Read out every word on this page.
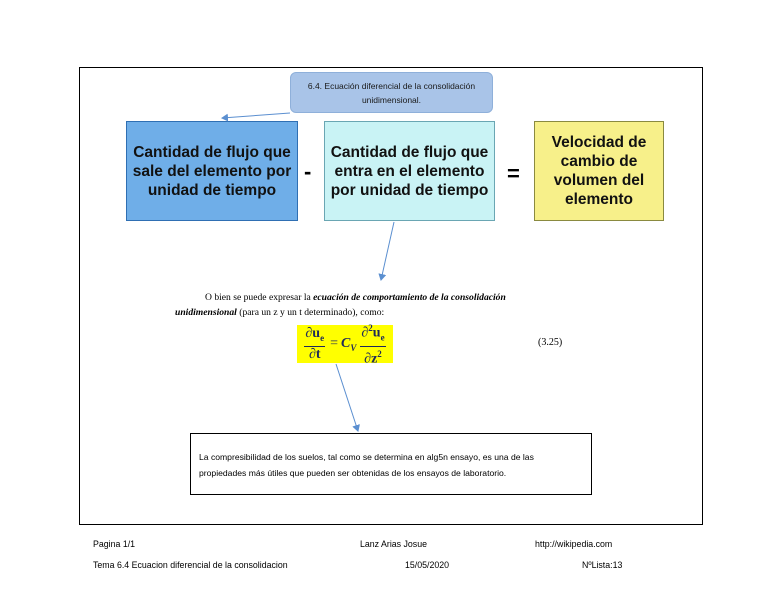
6.4. Ecuación diferencial de la consolidación unidimensional.
Cantidad de flujo que sale del elemento por unidad de tiempo
-
Cantidad de flujo que entra en el elemento por unidad de tiempo
=
Velocidad de cambio de volumen del elemento
O bien se puede expresar la ecuación de comportamiento de la consolidación
unidimensional (para un z y un t determinado), como:
$\frac{\partial u_e}{\partial t} = C_V \frac{\partial^2u_e}{\partial z^2}$	(3.25)
La compresibilidad de los suelos, tal como se determina en alg5n ensayo, es una de las propiedades más útiles que pueden ser obtenidas de los ensayos de laboratorio.
Pagina 1/1	Lanz Arias Josue	http://wikipedia.com
Tema 6.4 Ecuacion diferencial de la consolidacion	15/05/2020	NºLista:13
